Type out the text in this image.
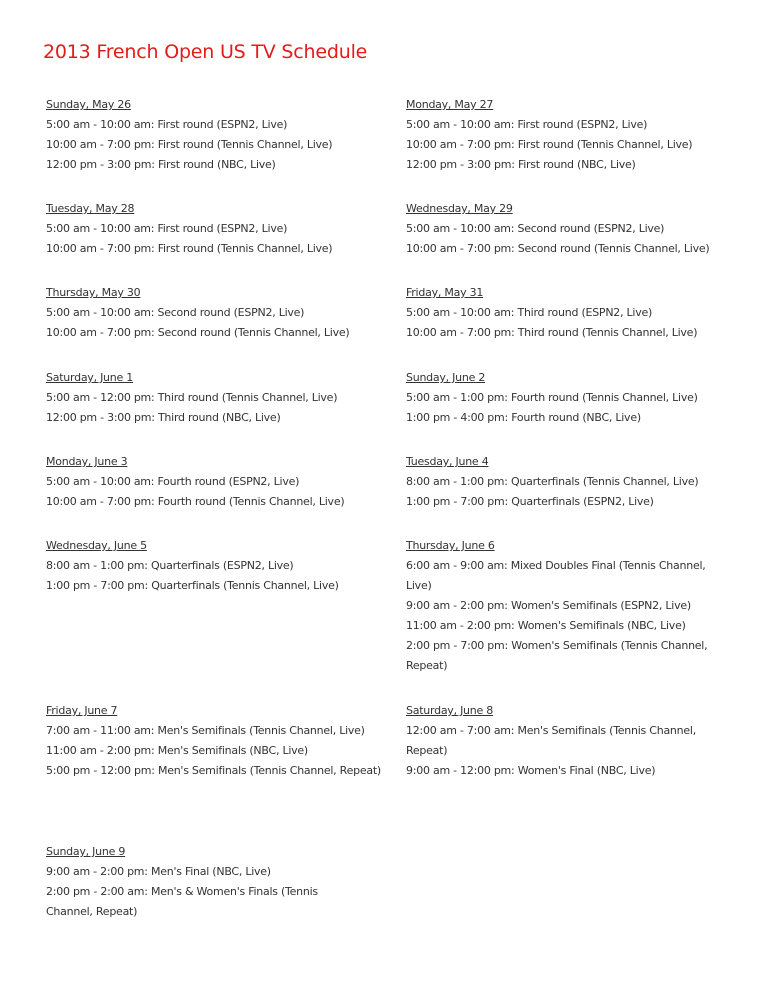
2013 French Open US TV Schedule
Sunday, May 26
5:00 am - 10:00 am: First round (ESPN2, Live)
10:00 am - 7:00 pm: First round (Tennis Channel, Live)
12:00 pm - 3:00 pm: First round (NBC, Live)
Monday, May 27
5:00 am - 10:00 am: First round (ESPN2, Live)
10:00 am - 7:00 pm: First round (Tennis Channel, Live)
12:00 pm - 3:00 pm: First round (NBC, Live)
Tuesday, May 28
5:00 am - 10:00 am: First round (ESPN2, Live)
10:00 am - 7:00 pm: First round (Tennis Channel, Live)
Wednesday, May 29
5:00 am - 10:00 am: Second round (ESPN2, Live)
10:00 am - 7:00 pm: Second round (Tennis Channel, Live)
Thursday, May 30
5:00 am - 10:00 am: Second round (ESPN2, Live)
10:00 am - 7:00 pm: Second round (Tennis Channel, Live)
Friday, May 31
5:00 am - 10:00 am: Third round (ESPN2, Live)
10:00 am - 7:00 pm: Third round (Tennis Channel, Live)
Saturday, June 1
5:00 am - 12:00 pm: Third round (Tennis Channel, Live)
12:00 pm - 3:00 pm: Third round (NBC, Live)
Sunday, June 2
5:00 am - 1:00 pm: Fourth round (Tennis Channel, Live)
1:00 pm - 4:00 pm: Fourth round (NBC, Live)
Monday, June 3
5:00 am - 10:00 am: Fourth round (ESPN2, Live)
10:00 am - 7:00 pm: Fourth round (Tennis Channel, Live)
Tuesday, June 4
8:00 am - 1:00 pm: Quarterfinals (Tennis Channel, Live)
1:00 pm - 7:00 pm: Quarterfinals (ESPN2, Live)
Wednesday, June 5
8:00 am - 1:00 pm: Quarterfinals (ESPN2, Live)
1:00 pm - 7:00 pm: Quarterfinals (Tennis Channel, Live)
Thursday, June 6
6:00 am - 9:00 am: Mixed Doubles Final (Tennis Channel, Live)
9:00 am - 2:00 pm: Women's Semifinals (ESPN2, Live)
11:00 am - 2:00 pm: Women's Semifinals (NBC, Live)
2:00 pm - 7:00 pm: Women's Semifinals (Tennis Channel, Repeat)
Friday, June 7
7:00 am - 11:00 am: Men's Semifinals (Tennis Channel, Live)
11:00 am - 2:00 pm: Men's Semifinals (NBC, Live)
5:00 pm - 12:00 pm: Men's Semifinals (Tennis Channel, Repeat)
Saturday, June 8
12:00 am - 7:00 am: Men's Semifinals (Tennis Channel, Repeat)
9:00 am - 12:00 pm: Women's Final (NBC, Live)
Sunday, June 9
9:00 am - 2:00 pm: Men's Final (NBC, Live)
2:00 pm - 2:00 am: Men's & Women's Finals (Tennis Channel, Repeat)
